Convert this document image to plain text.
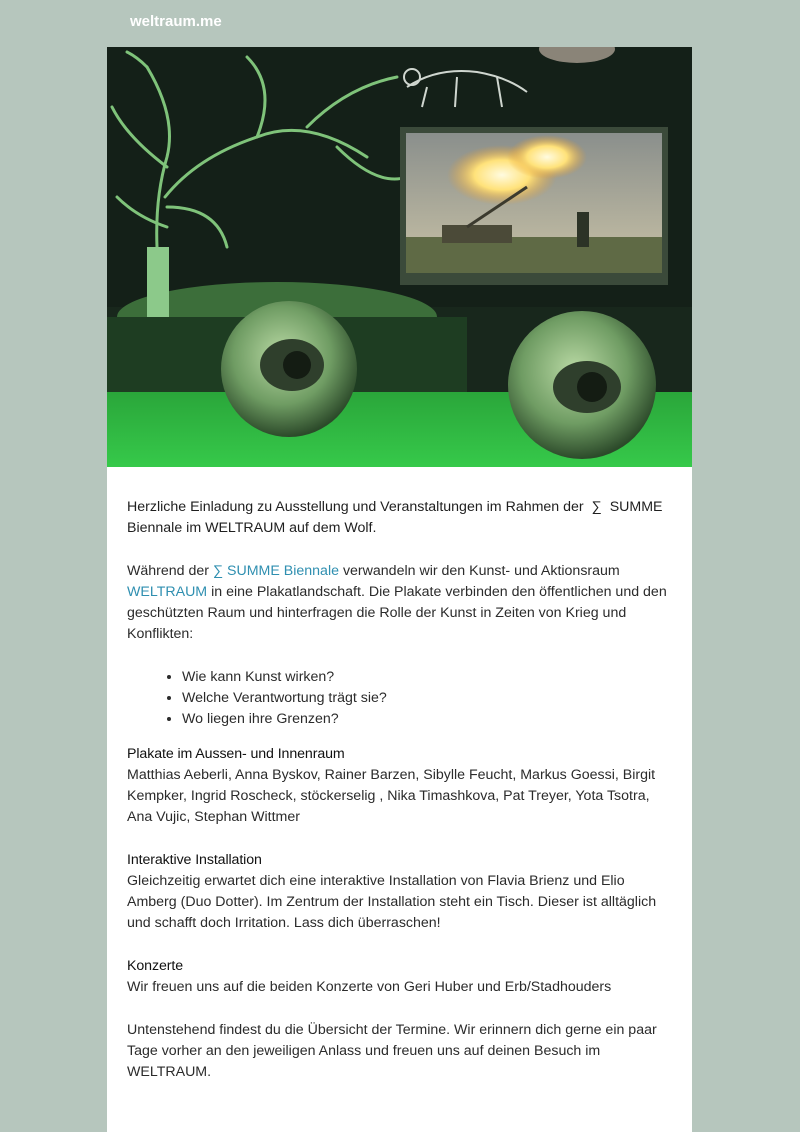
weltraum.me

Herzliche Einladung zu Ausstellung und Veranstaltungen im Rahmen der ∑ SUMME
Biennale im WELTRAUM auf dem Wolf.

Während der ∑ SUMME Biennale verwandeln wir den Kunst- und Aktionsraum
WELTRAUM in eine Plakatlandschaft. Die Plakate verbinden den öffentlichen und den geschützten Raum und hinterfragen die Rolle der Kunst in Zeiten von Krieg und Konflikten:

• Wie kann Kunst wirken?
• Welche Verantwortung trägt sie?
• Wo liegen ihre Grenzen?
Plakate im Aussen- und Innenraum

Matthias Aeberli, Anna Byskov, Rainer Barzen, Sibylle Feucht, Markus Goessi, Birgit Kempker, Ingrid Roscheck, stöckerselig , Nika Timashkova, Pat Treyer, Yota Tsotra, Ana Vujic, Stephan Wittmer

Interaktive Installation

Gleichzeitig erwartet dich eine interaktive Installation von Flavia Brienz und Elio Amberg (Duo Dotter). Im Zentrum der Installation steht ein Tisch. Dieser ist alltäglich und schafft doch Irritation. Lass dich überraschen!

Konzerte

Wir freuen uns auf die beiden Konzerte von Geri Huber und Erb/Stadhouders

Untenstehend findest du die Übersicht der Termine. Wir erinnern dich gerne ein paar Tage vorher an den jeweiligen Anlass und freuen uns auf deinen Besuch im WELTRAUM.
